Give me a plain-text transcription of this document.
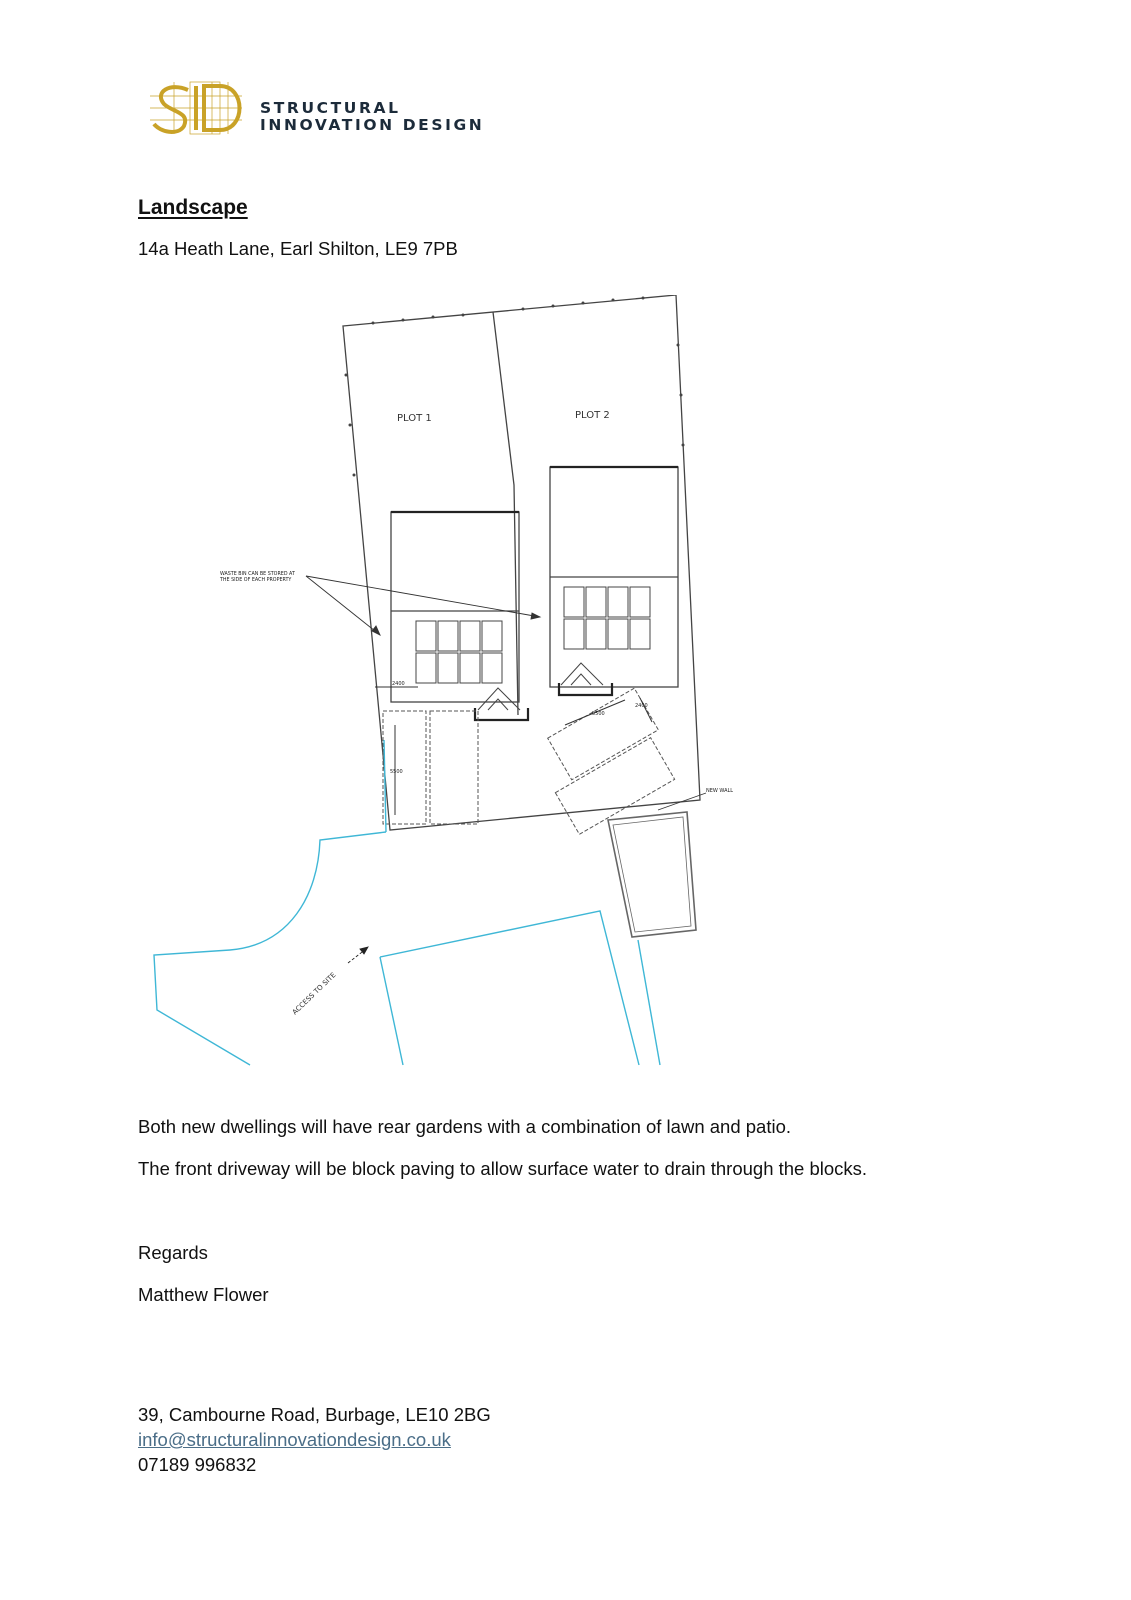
STRUCTURAL
INNOVATION DESIGN
Landscape

14a Heath Lane, Earl Shilton, LE9 7PB

5500
2400
5500
2400
NEW WALL
WASTE BIN CAN BE STORED AT
THE SIDE OF EACH PROPERTY
PLOT 1	PLOT 2
ACCESS TO SITE

Both new dwellings will have rear gardens with a combination of lawn and patio.

The front driveway will be block paving to allow surface water to drain through the blocks.

Regards

Matthew Flower

39, Cambourne Road, Burbage, LE10 2BG

info@structuralinnovationdesign.co.uk

07189 996832
